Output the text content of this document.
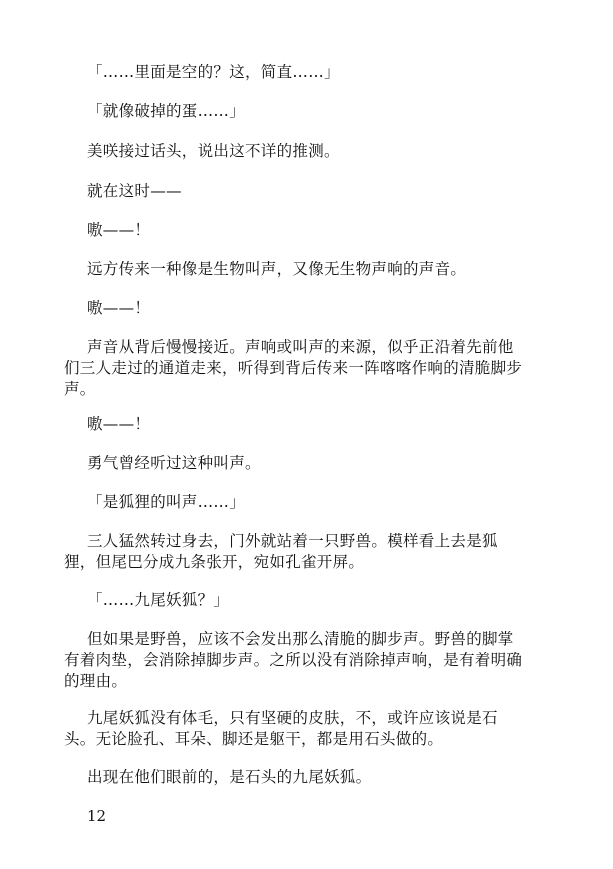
「……里面是空的？这，简直……」

「就像破掉的蛋……」

美咲接过话头，说出这不详的推测。

就在这时——

嗷——！

远方传来一种像是生物叫声，又像无生物声响的声音。

嗷——！

声音从背后慢慢接近。声响或叫声的来源，似乎正沿着先前他

们三人走过的通道走来，听得到背后传来一阵喀喀作响的清脆脚步 声。

嗷——！

勇气曾经听过这种叫声。

「是狐狸的叫声……」

三人猛然转过身去，门外就站着一只野兽。模样看上去是狐

狸，但尾巴分成九条张开，宛如孔雀开屏。

「……九尾妖狐？」

但如果是野兽，应该不会发出那么清脆的脚步声。野兽的脚掌

有着肉垫，会消除掉脚步声。之所以没有消除掉声响，是有着明确 的理由。

九尾妖狐没有体毛，只有坚硬的皮肤，不，或许应该说是石

头。无论脸孔、耳朵、脚还是躯干，都是用石头做的。

出现在他们眼前的，是石头的九尾妖狐。

12
